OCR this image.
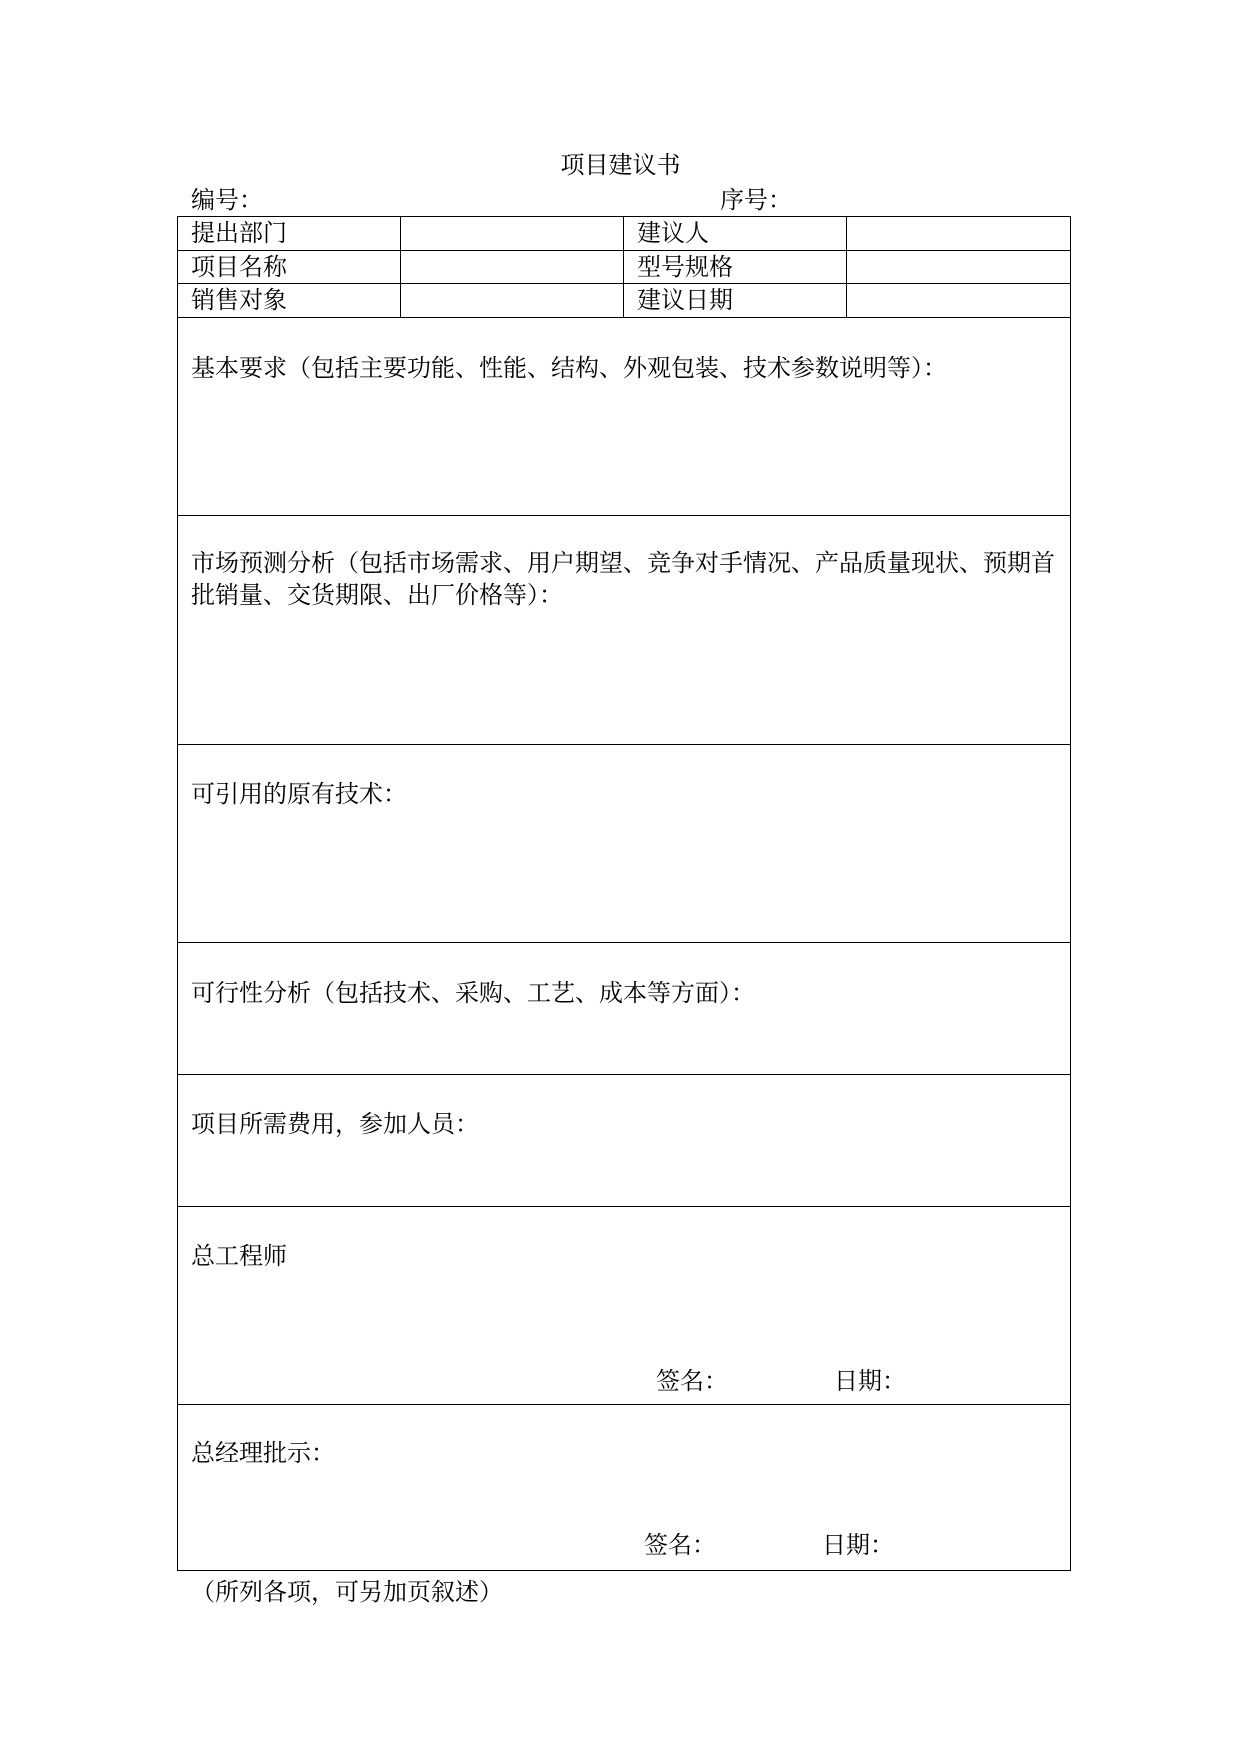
项目建议书
编号：	序号：
提出部门	建议人
项目名称	型号规格
销售对象	建议日期
基本要求（包括主要功能、性能、结构、外观包装、技术参数说明等）：
市场预测分析（包括市场需求、用户期望、竞争对手情况、产品质量现状、预期首批销量、交货期限、出厂价格等）：
可引用的原有技术：
可行性分析（包括技术、采购、工艺、成本等方面）：
项目所需费用，参加人员：
总工程师
签名：	日期：
总经理批示：
签名：	日期：
（所列各项，可另加页叙述）
